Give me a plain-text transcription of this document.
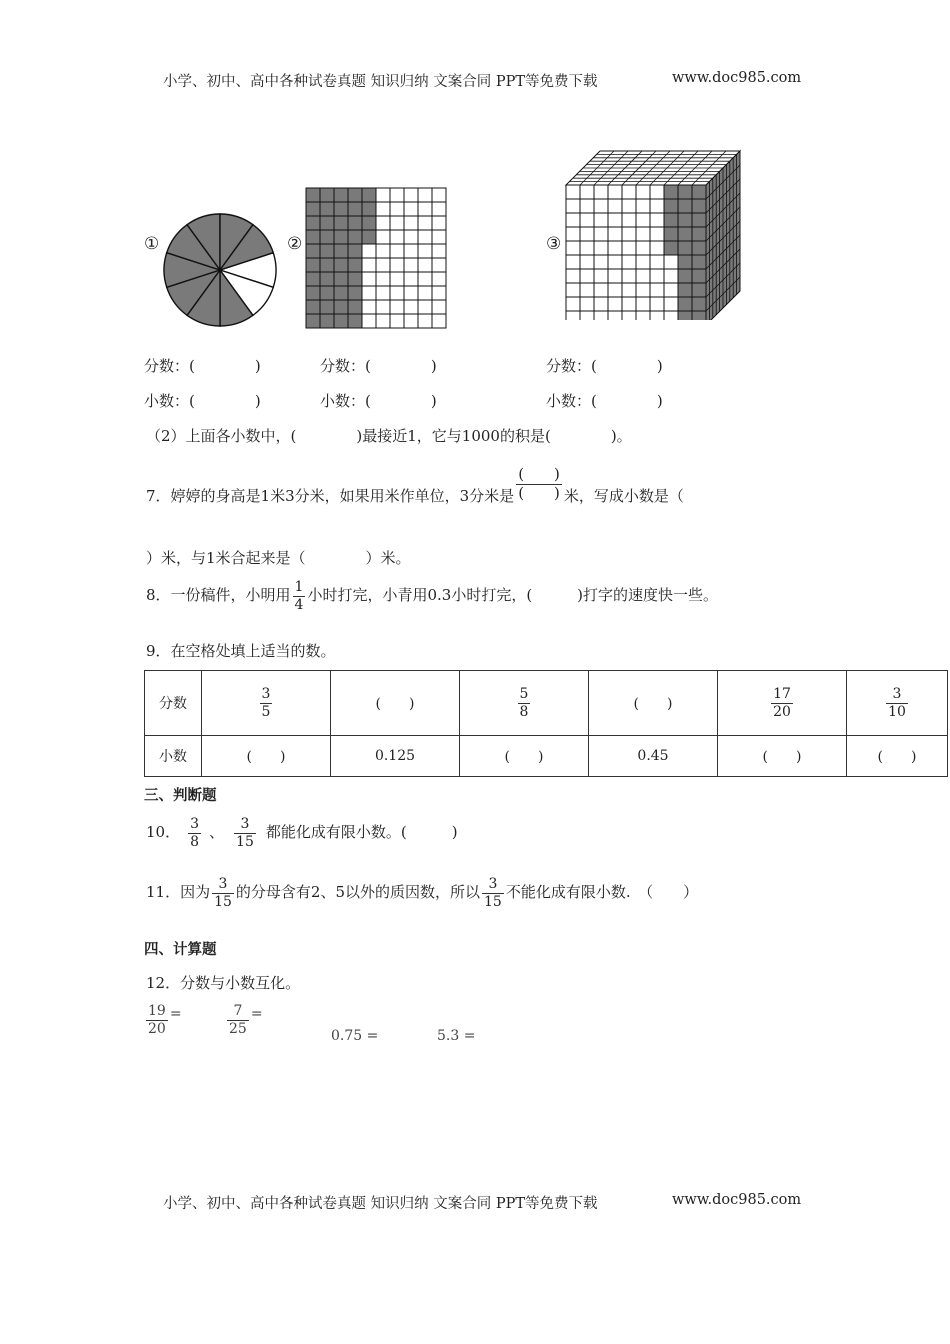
小学、初中、高中各种试卷真题 知识归纳 文案合同 PPT等免费下载	www.doc985.com
①	②	③
分数：(　　　　)	分数：(　　　　)	分数：(　　　　)
小数：(　　　　)	小数：(　　　　)	小数：(　　　　)
（2）上面各小数中，(　　　　)最接近1，它与1000的积是(　　　　)。
7．婷婷的身高是1米3分米，如果用米作单位，3分米是 $\frac{( )}{( )}$ 米，写成小数是（
）米，与1米合起来是（　　　　）米。
8．一份稿件，小明用 $\frac{1}{4}$ 小时打完，小青用0.3小时打完，(　　　)打字的速度快一些。
9．在空格处填上适当的数。
分数	$\frac{3}{5}$	(　　)	$\frac{5}{8}$	(　　)	$\frac{17}{20}$	$\frac{3}{10}$

小数	(　　)	0.125	(　　)	0.45	(　　)	(　　)
三、判断题
10． $\frac{3}{8}$ 、 $\frac{3}{15}$ 都能化成有限小数。(　　　)
11．因为 $\frac{3}{15}$ 的分母含有2、5以外的质因数，所以 $\frac{3}{15}$ 不能化成有限小数.　（　　）
四、计算题
12．分数与小数互化。
$\frac{19}{20}$ =	$\frac{7}{25}$ =
0.75 =	5.3 =
小学、初中、高中各种试卷真题 知识归纳 文案合同 PPT等免费下载	www.doc985.com
